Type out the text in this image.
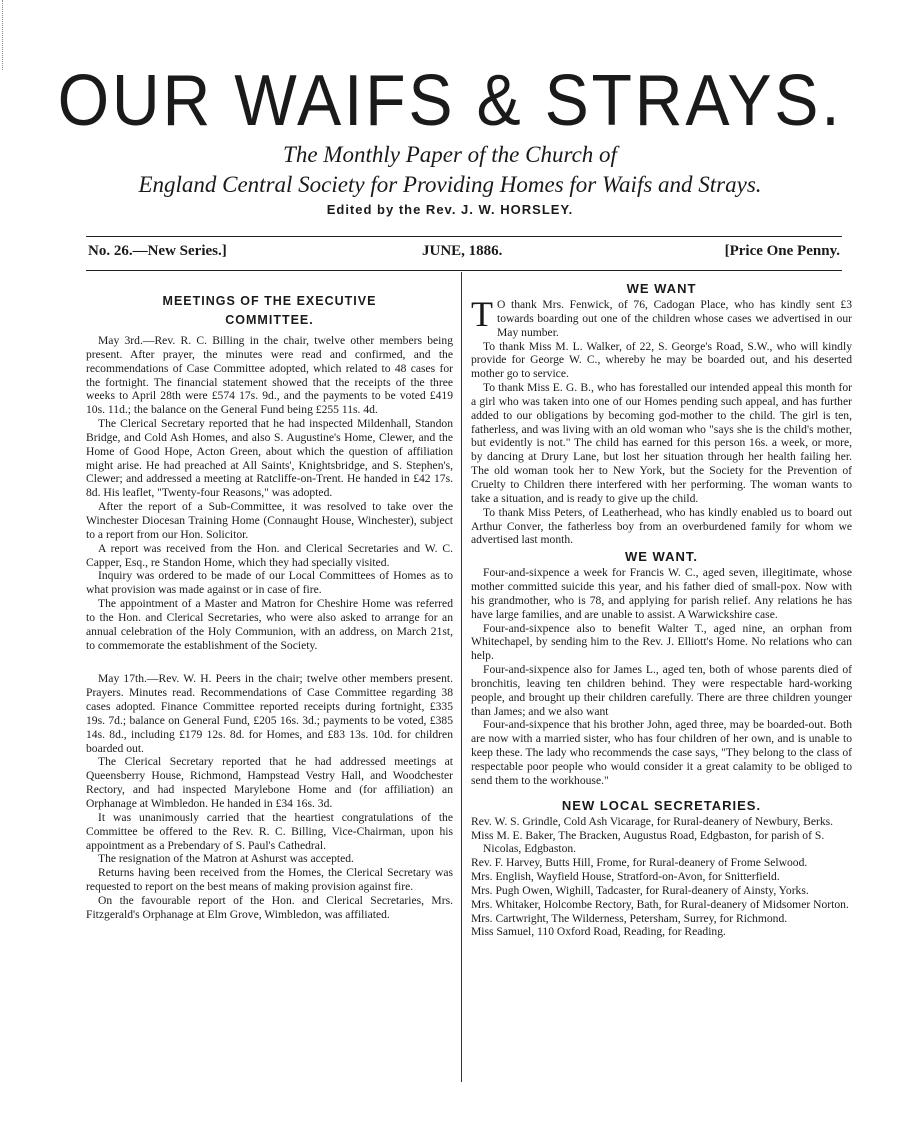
OUR WAIFS & STRAYS.

The Monthly Paper of the Church of

England Central Society for Providing Homes for Waifs and Strays.

Edited by the Rev. J. W. HORSLEY.

No. 26.—New Series.]	JUNE, 1886.	[Price One Penny.
MEETINGS OF THE EXECUTIVE
COMMITTEE.

May 3rd.—Rev. R. C. Billing in the chair, twelve other members being present. After prayer, the minutes were read and confirmed, and the recommendations of Case Committee adopted, which related to 48 cases for the fortnight. The financial statement showed that the receipts of the three weeks to April 28th were £574 17s. 9d., and the payments to be voted £419 10s. 11d.; the balance on the General Fund being £255 11s. 4d.

The Clerical Secretary reported that he had inspected Mildenhall, Standon Bridge, and Cold Ash Homes, and also S. Augustine's Home, Clewer, and the Home of Good Hope, Acton Green, about which the question of affiliation might arise. He had preached at All Saints', Knightsbridge, and S. Stephen's, Clewer; and addressed a meeting at Ratcliffe-on-Trent. He handed in £42 17s. 8d. His leaflet, "Twenty-four Reasons," was adopted.

After the report of a Sub-Committee, it was resolved to take over the Winchester Diocesan Training Home (Connaught House, Winchester), subject to a report from our Hon. Solicitor.

A report was received from the Hon. and Clerical Secretaries and W. C. Capper, Esq., re Standon Home, which they had specially visited.

Inquiry was ordered to be made of our Local Committees of Homes as to what provision was made against or in case of fire.

The appointment of a Master and Matron for Cheshire Home was referred to the Hon. and Clerical Secretaries, who were also asked to arrange for an annual celebration of the Holy Communion, with an address, on March 21st, to commemorate the establishment of the Society.

May 17th.—Rev. W. H. Peers in the chair; twelve other members present. Prayers. Minutes read. Recommendations of Case Committee regarding 38 cases adopted. Finance Committee reported receipts during fortnight, £335 19s. 7d.; balance on General Fund, £205 16s. 3d.; payments to be voted, £385 14s. 8d., including £179 12s. 8d. for Homes, and £83 13s. 10d. for children boarded out.

The Clerical Secretary reported that he had addressed meetings at Queensberry House, Richmond, Hampstead Vestry Hall, and Woodchester Rectory, and had inspected Marylebone Home and (for affiliation) an Orphanage at Wimbledon. He handed in £34 16s. 3d.

It was unanimously carried that the heartiest congratulations of the Committee be offered to the Rev. R. C. Billing, Vice-Chairman, upon his appointment as a Prebendary of S. Paul's Cathedral.

The resignation of the Matron at Ashurst was accepted.

Returns having been received from the Homes, the Clerical Secretary was requested to report on the best means of making provision against fire.

On the favourable report of the Hon. and Clerical Secretaries, Mrs. Fitzgerald's Orphanage at Elm Grove, Wimbledon, was affiliated.

WE WANT

T O thank Mrs. Fenwick, of 76, Cadogan Place, who has kindly sent £3 towards boarding out one of the children whose cases we advertised in our May number.

To thank Miss M. L. Walker, of 22, S. George's Road, S.W., who will kindly provide for George W. C., whereby he may be boarded out, and his deserted mother go to service.

To thank Miss E. G. B., who has forestalled our intended appeal this month for a girl who was taken into one of our Homes pending such appeal, and has further added to our obligations by becoming god-mother to the child. The girl is ten, fatherless, and was living with an old woman who "says she is the child's mother, but evidently is not." The child has earned for this person 16s. a week, or more, by dancing at Drury Lane, but lost her situation through her health failing her. The old woman took her to New York, but the Society for the Prevention of Cruelty to Children there interfered with her performing. The woman wants to take a situation, and is ready to give up the child.

To thank Miss Peters, of Leatherhead, who has kindly enabled us to board out Arthur Conver, the fatherless boy from an overburdened family for whom we advertised last month.

WE WANT.

Four-and-sixpence a week for Francis W. C., aged seven, illegitimate, whose mother committed suicide this year, and his father died of small-pox. Now with his grandmother, who is 78, and applying for parish relief. Any relations he has have large families, and are unable to assist. A Warwickshire case.

Four-and-sixpence also to benefit Walter T., aged nine, an orphan from Whitechapel, by sending him to the Rev. J. Elliott's Home. No relations who can help.

Four-and-sixpence also for James L., aged ten, both of whose parents died of bronchitis, leaving ten children behind. They were respectable hard-working people, and brought up their children carefully. There are three children younger than James; and we also want

Four-and-sixpence that his brother John, aged three, may be boarded-out. Both are now with a married sister, who has four children of her own, and is unable to keep these. The lady who recommends the case says, "They belong to the class of respectable poor people who would consider it a great calamity to be obliged to send them to the workhouse."

NEW LOCAL SECRETARIES.

Rev. W. S. Grindle, Cold Ash Vicarage, for Rural-deanery of Newbury, Berks.

Miss M. E. Baker, The Bracken, Augustus Road, Edgbaston, for parish of S. Nicolas, Edgbaston.

Rev. F. Harvey, Butts Hill, Frome, for Rural-deanery of Frome Selwood.

Mrs. English, Wayfield House, Stratford-on-Avon, for Snitterfield.

Mrs. Pugh Owen, Wighill, Tadcaster, for Rural-deanery of Ainsty, Yorks.

Mrs. Whitaker, Holcombe Rectory, Bath, for Rural-deanery of Midsomer Norton.

Mrs. Cartwright, The Wilderness, Petersham, Surrey, for Richmond.

Miss Samuel, 110 Oxford Road, Reading, for Reading.
